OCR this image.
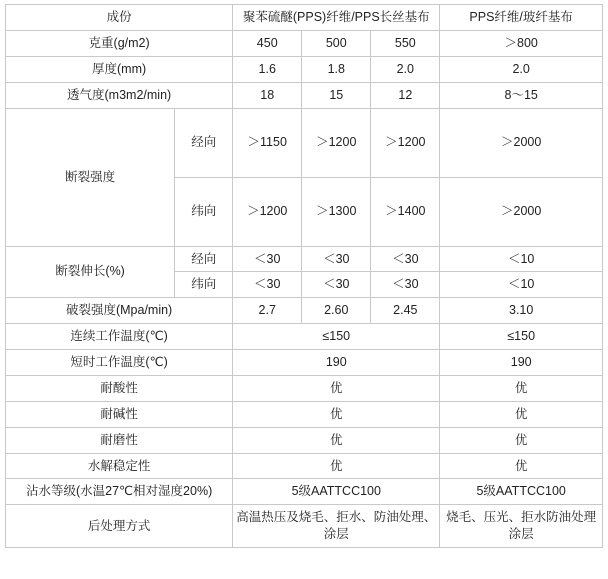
成份		聚苯硫醚(PPS)纤维/PPS长丝基布			PPS纤维/玻纤基布
克重(g/m2)		450	500	550	＞800
厚度(mm)		1.6	1.8	2.0	2.0
透气度(m3m2/min)		18	15	12	8～15
断裂强度	经向	＞1150	＞1200	＞1200	＞2000
	纬向	＞1200	＞1300	＞1400	＞2000
断裂伸长(%)	经向	＜30	＜30	＜30	＜10
	纬向	＜30	＜30	＜30	＜10
破裂强度(Mpa/min)		2.7	2.60	2.45	3.10
连续工作温度(℃)		≤150			≤150
短时工作温度(℃)		190			190
耐酸性		优			优
耐碱性		优			优
耐磨性		优			优
水解稳定性		优			优
沾水等级(水温27℃相对湿度20%)		5级AATTCC100			5级AATTCC100
后处理方式		高温热压及烧毛、拒水、防油处理、涂层			烧毛、压光、拒水防油处理涂层
